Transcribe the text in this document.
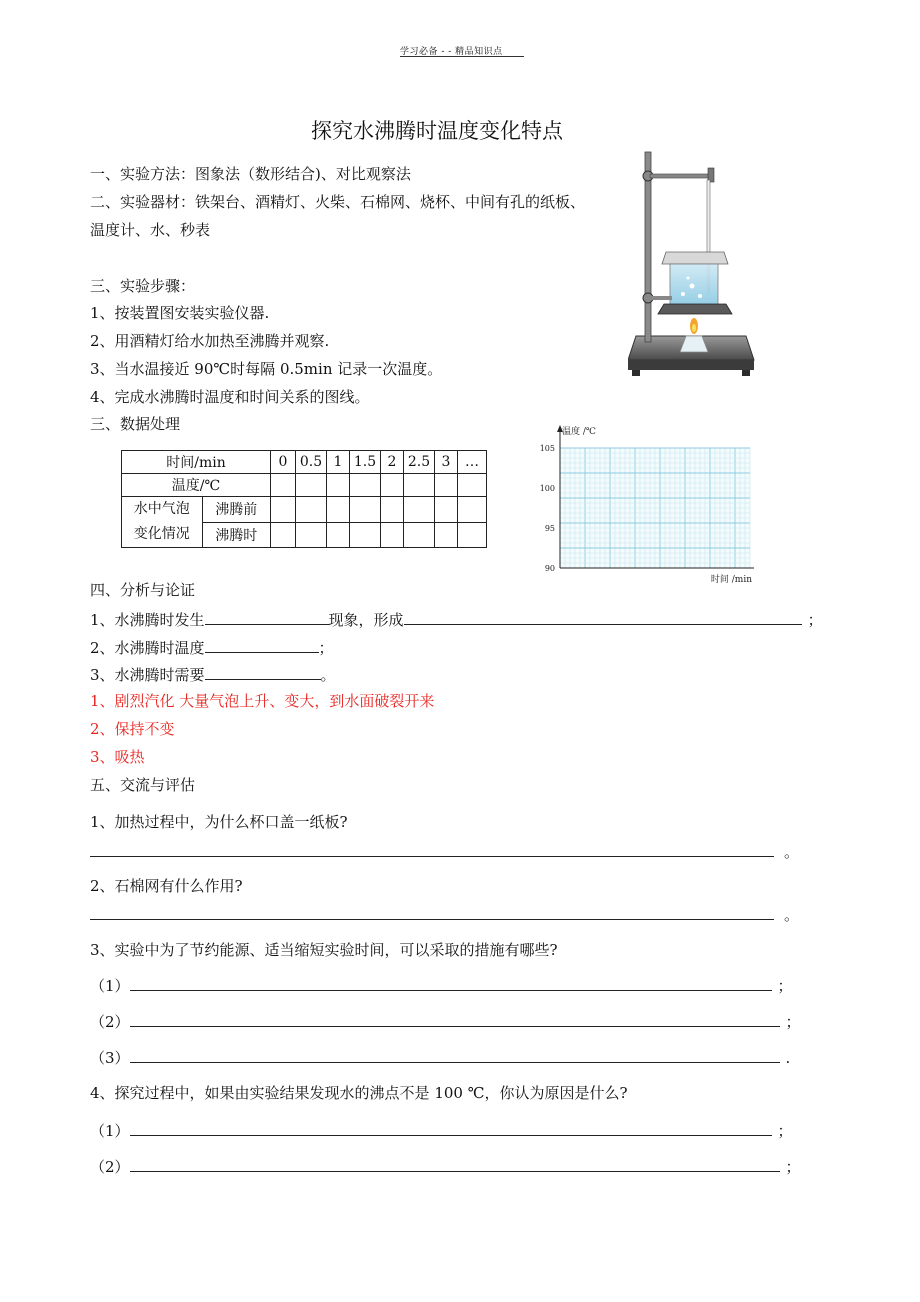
学习必备 - - 精品知识点
探究水沸腾时温度变化特点
一、实验方法：图象法（数形结合)、对比观察法
二、实验器材：铁架台、酒精灯、火柴、石棉网、烧杯、中间有孔的纸板、
温度计、水、秒表
三、实验步骤：
1、按装置图安装实验仪器.
2、用酒精灯给水加热至沸腾并观察.
3、当水温接近 90℃时每隔 0.5min 记录一次温度。
4、完成水沸腾时温度和时间关系的图线。
三、数据处理
时间/min		0	0.5	1	1.5	2	2.5	3	…
温度/℃									
水中气泡
变化情况	沸腾前								
	沸腾时								
105
100
95
90
温度 /℃
时间 /min
四、分析与论证
1、水沸腾时发生	现象，形成	；
2、水沸腾时温度	；
3、水沸腾时需要	。
1、剧烈汽化 大量气泡上升、变大，到水面破裂开来
2、保持不变
3、吸热
五、交流与评估
1、加热过程中，为什么杯口盖一纸板?
。
2、石棉网有什么作用?
。
3、实验中为了节约能源、适当缩短实验时间，可以采取的措施有哪些?
（1）	；
（2）	；
（3）	.
4、探究过程中，如果由实验结果发现水的沸点不是 100 ℃，你认为原因是什么?
（1）	；
（2）	；
